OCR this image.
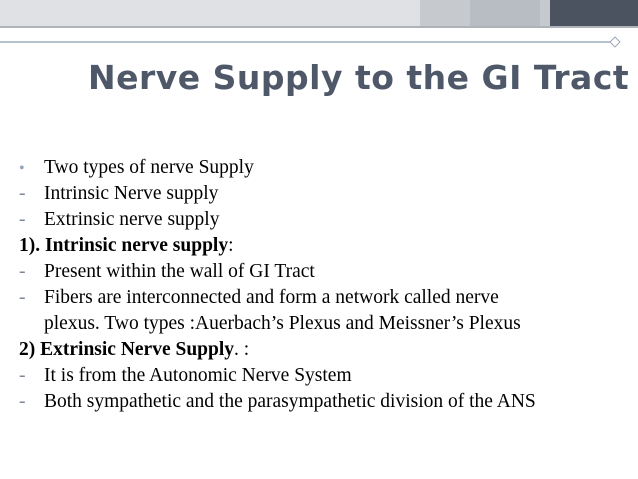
Nerve Supply to the GI Tract
• Two types of nerve Supply
- Intrinsic Nerve supply
- Extrinsic nerve supply
1). Intrinsic nerve supply:
- Present within the wall of GI Tract
- Fibers are interconnected and form a network called nerve
plexus. Two types :Auerbach’s Plexus and Meissner’s Plexus
2) Extrinsic Nerve Supply. :
- It is from the Autonomic Nerve System
- Both sympathetic and the parasympathetic division of the ANS
